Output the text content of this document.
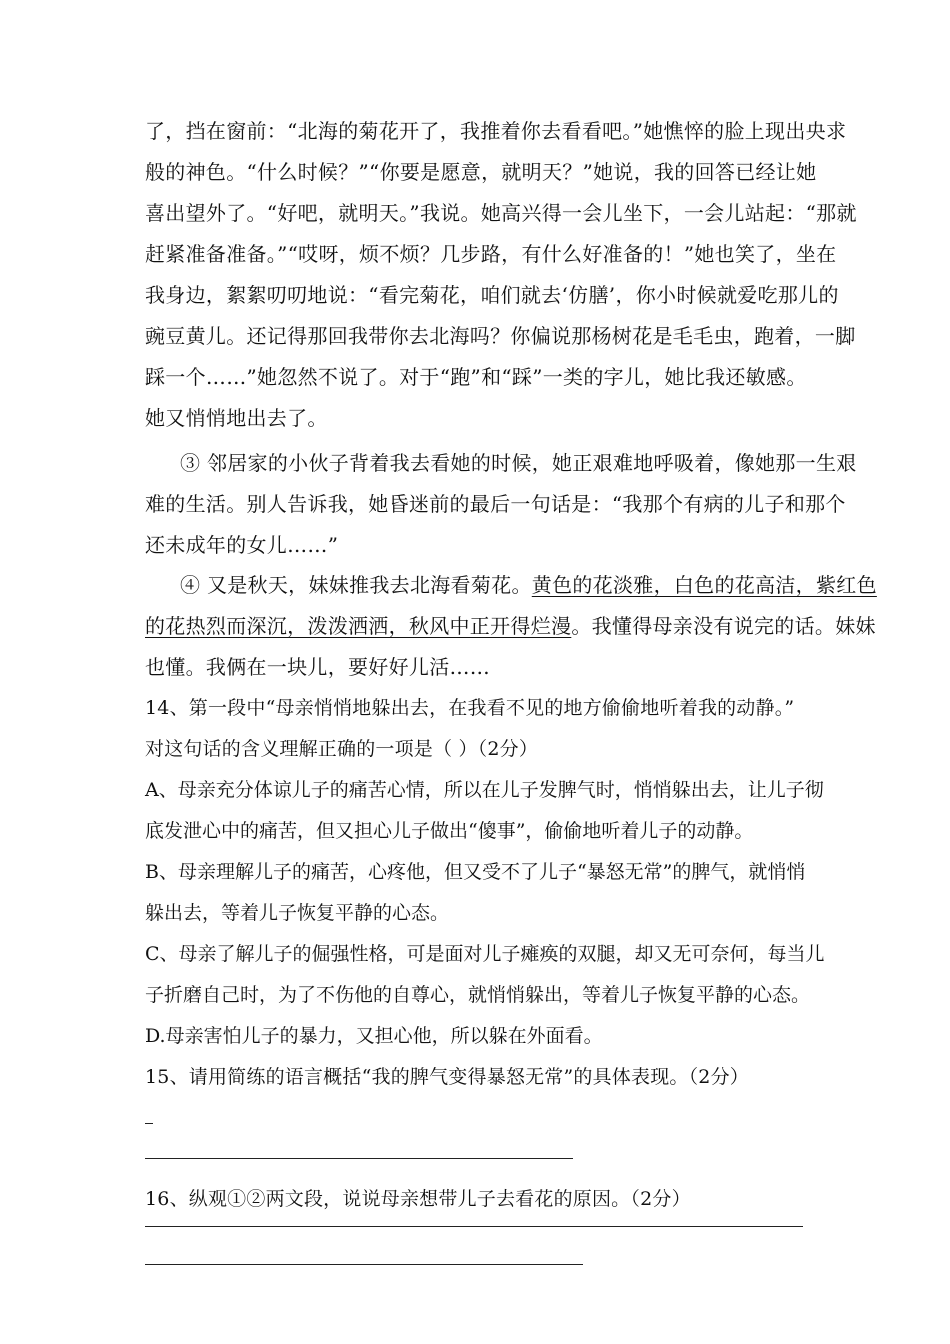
了，挡在窗前：“北海的菊花开了，我推着你去看看吧。”她憔悴的脸上现出央求
般的神色。“什么时候？”“你要是愿意，就明天？”她说，我的回答已经让她
喜出望外了。“好吧，就明天。”我说。她高兴得一会儿坐下，一会儿站起：“那就
赶紧准备准备。”“哎呀，烦不烦？几步路，有什么好准备的！”她也笑了，坐在
我身边，絮絮叨叨地说：“看完菊花，咱们就去‘仿膳’，你小时候就爱吃那儿的
豌豆黄儿。还记得那回我带你去北海吗？你偏说那杨树花是毛毛虫，跑着，一脚
踩一个……”她忽然不说了。对于“跑”和“踩”一类的字儿，她比我还敏感。
她又悄悄地出去了。
③ 邻居家的小伙子背着我去看她的时候，她正艰难地呼吸着，像她那一生艰
难的生活。别人告诉我，她昏迷前的最后一句话是：“我那个有病的儿子和那个
还未成年的女儿……”
④ 又是秋天，妹妹推我去北海看菊花。黄色的花淡雅，白色的花高洁，紫红色
的花热烈而深沉，泼泼洒洒，秋风中正开得烂漫。我懂得母亲没有说完的话。妹妹
也懂。我俩在一块儿，要好好儿活……
14、第一段中“母亲悄悄地躲出去，在我看不见的地方偷偷地听着我的动静。”
对这句话的含义理解正确的一项是（ ）（2分）
A、母亲充分体谅儿子的痛苦心情，所以在儿子发脾气时，悄悄躲出去，让儿子彻
底发泄心中的痛苦，但又担心儿子做出“傻事”，偷偷地听着儿子的动静。
B、母亲理解儿子的痛苦，心疼他，但又受不了儿子“暴怒无常”的脾气，就悄悄
躲出去，等着儿子恢复平静的心态。
C、母亲了解儿子的倔强性格，可是面对儿子瘫痪的双腿，却又无可奈何，每当儿
子折磨自己时，为了不伤他的自尊心，就悄悄躲出，等着儿子恢复平静的心态。
D.母亲害怕儿子的暴力，又担心他，所以躲在外面看。
15、请用简练的语言概括“我的脾气变得暴怒无常”的具体表现。（2分）
16、纵观①②两文段，说说母亲想带儿子去看花的原因。（2分）
